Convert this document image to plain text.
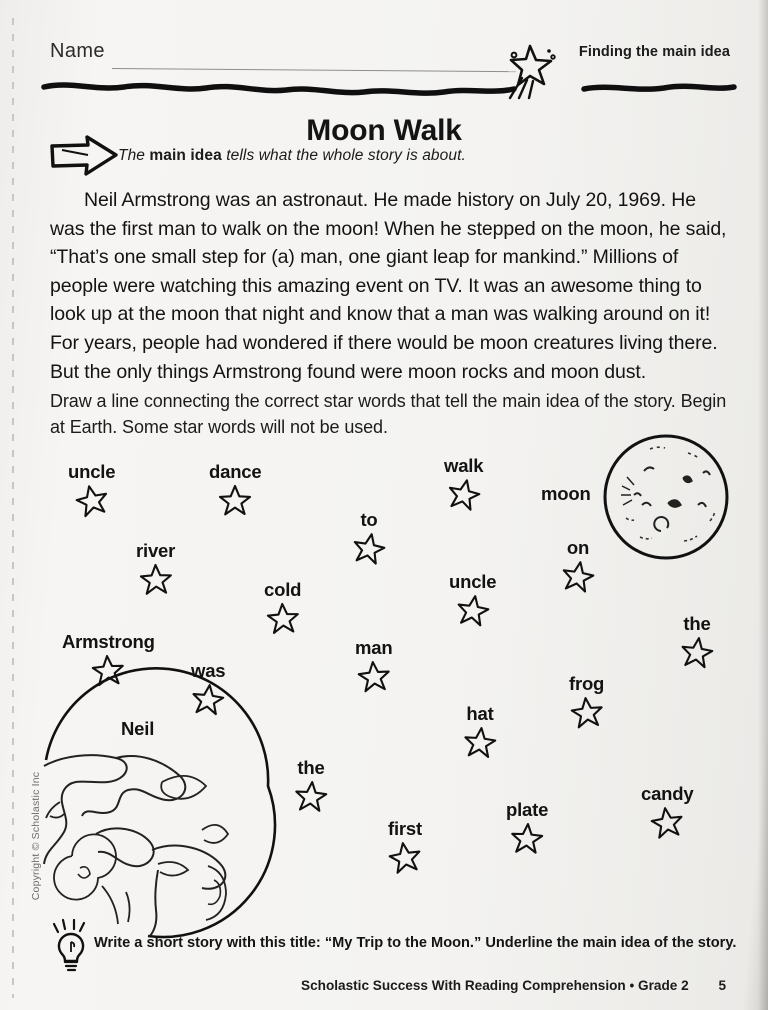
Name	Finding the main idea
Moon Walk
The main idea tells what the whole story is about.
Neil Armstrong was an astronaut. He made history on July 20, 1969. He was the first man to walk on the moon! When he stepped on the moon, he said, “That’s one small step for (a) man, one giant leap for mankind.” Millions of people were watching this amazing event on TV. It was an awesome thing to look up at the moon that night and know that a man was walking around on it! For years, people had wondered if there would be moon creatures living there. But the only things Armstrong found were moon rocks and moon dust.
Draw a line connecting the correct star words that tell the main idea of the story. Begin at Earth. Some star words will not be used.
uncle	dance	walk
moon
to
river	on
cold	uncle
Armstrong
the
man
was
frog
hat
Neil
the
candy
plate
first
Write a short story with this title: “My Trip to the Moon.” Underline the main idea of the story.
Scholastic Success With Reading Comprehension • Grade 2 5
Copyright © Scholastic Inc
